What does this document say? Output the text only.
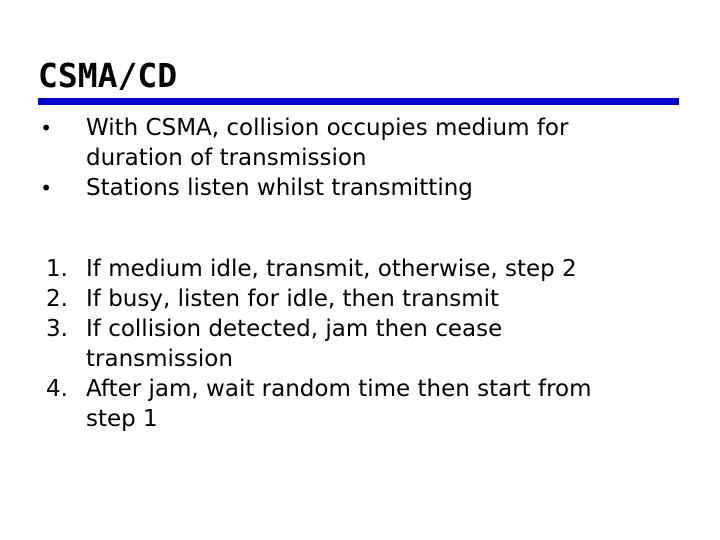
CSMA/CD
• With CSMA, collision occupies medium for duration of transmission
• Stations listen whilst transmitting
1. If medium idle, transmit, otherwise, step 2
2. If busy, listen for idle, then transmit
3. If collision detected, jam then cease transmission
4. After jam, wait random time then start from step 1
